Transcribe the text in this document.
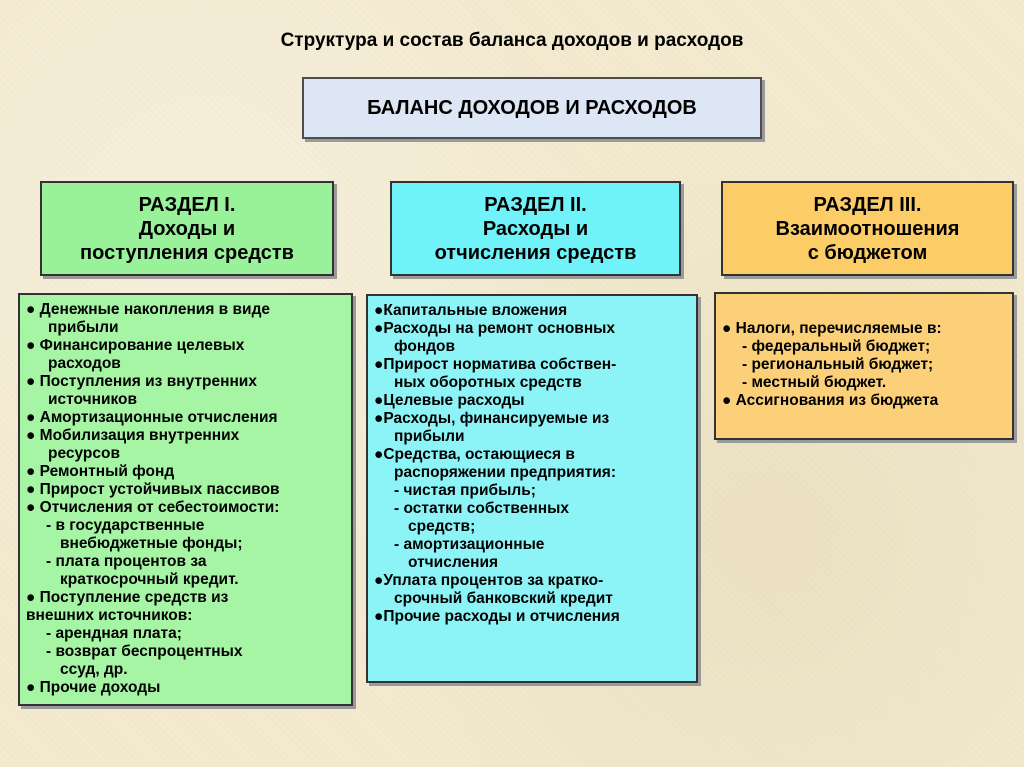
Структура и состав баланса доходов и расходов
БАЛАНС ДОХОДОВ И РАСХОДОВ
РАЗДЕЛ I.
Доходы и
поступления средств
РАЗДЕЛ II.
Расходы и
отчисления средств
РАЗДЕЛ III.
Взаимоотношения
с бюджетом
● Денежные накопления в виде
прибыли
● Финансирование целевых
расходов
● Поступления из внутренних
источников
● Амортизационные отчисления
● Мобилизация внутренних
ресурсов
● Ремонтный фонд
● Прирост устойчивых пассивов
● Отчисления от себестоимости:
- в государственные
внебюджетные фонды;
- плата процентов за
краткосрочный кредит.
● Поступление средств из
внешних источников:
- арендная плата;
- возврат беспроцентных
ссуд, др.
● Прочие доходы
●Капитальные вложения
●Расходы на ремонт основных
фондов
●Прирост норматива собствен-
ных оборотных средств
●Целевые расходы
●Расходы, финансируемые из
прибыли
●Средства, остающиеся в
распоряжении предприятия:
- чистая прибыль;
- остатки собственных
средств;
- амортизационные
отчисления
●Уплата процентов за кратко-
срочный банковский кредит
●Прочие расходы и отчисления
● Налоги, перечисляемые в:
- федеральный бюджет;
- региональный бюджет;
- местный бюджет.
● Ассигнования из бюджета
